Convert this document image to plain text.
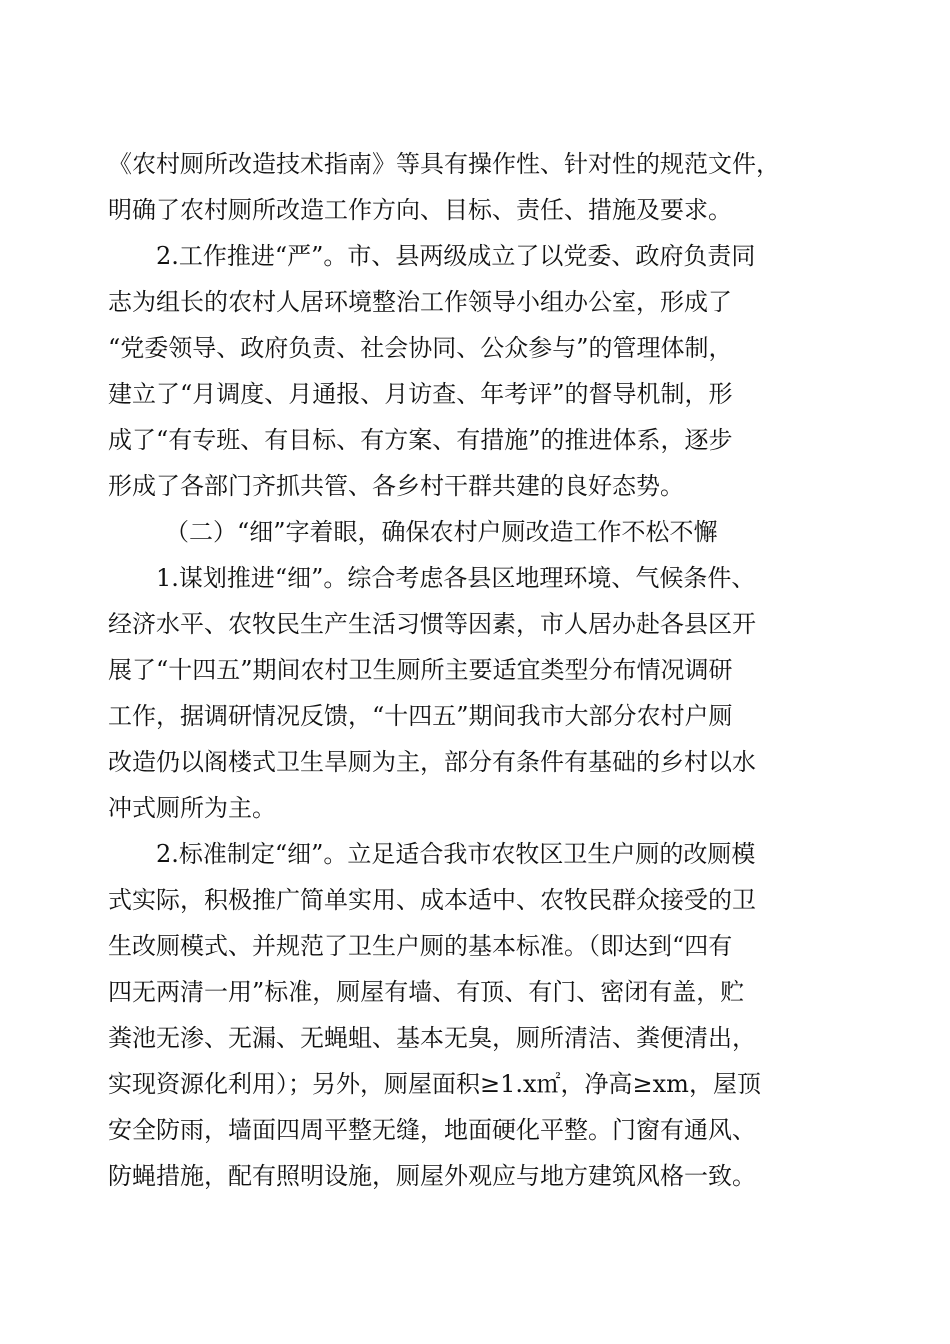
《农村厕所改造技术指南》等具有操作性、针对性的规范文件，
明确了农村厕所改造工作方向、目标、责任、措施及要求。
2.工作推进“严”。市、县两级成立了以党委、政府负责同
志为组长的农村人居环境整治工作领导小组办公室，形成了
“党委领导、政府负责、社会协同、公众参与”的管理体制，
建立了“月调度、月通报、月访查、年考评”的督导机制，形
成了“有专班、有目标、有方案、有措施”的推进体系，逐步
形成了各部门齐抓共管、各乡村干群共建的良好态势。
（二）“细”字着眼，确保农村户厕改造工作不松不懈
1.谋划推进“细”。综合考虑各县区地理环境、气候条件、
经济水平、农牧民生产生活习惯等因素，市人居办赴各县区开
展了“十四五”期间农村卫生厕所主要适宜类型分布情况调研
工作，据调研情况反馈，“十四五”期间我市大部分农村户厕
改造仍以阁楼式卫生旱厕为主，部分有条件有基础的乡村以水
冲式厕所为主。
2.标准制定“细”。立足适合我市农牧区卫生户厕的改厕模
式实际，积极推广简单实用、成本适中、农牧民群众接受的卫
生改厕模式、并规范了卫生户厕的基本标准。（即达到“四有
四无两清一用”标准，厕屋有墙、有顶、有门、密闭有盖，贮
粪池无渗、无漏、无蝇蛆、基本无臭，厕所清洁、粪便清出，
实现资源化利用）；另外，厕屋面积≥1.x㎡，净高≥xm，屋顶
安全防雨，墙面四周平整无缝，地面硬化平整。门窗有通风、
防蝇措施，配有照明设施，厕屋外观应与地方建筑风格一致。
